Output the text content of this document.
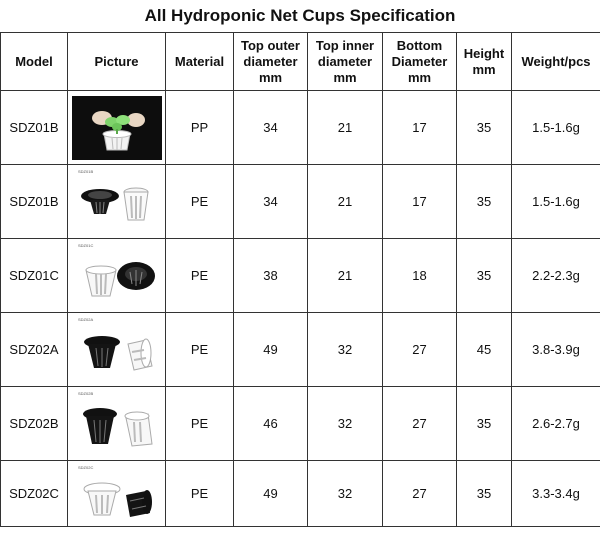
All Hydroponic Net Cups Specification
Model	Picture	Material	Top outer diameter mm	Top inner diameter mm	Bottom Diameter mm	Height mm	Weight/pcs
SDZ01B		PP	34	21	17	35	1.5-1.6g
SDZ01B	SDZ01B	PE	34	21	17	35	1.5-1.6g
SDZ01C	SDZ01C	PE	38	21	18	35	2.2-2.3g
SDZ02A	SDZ02A	PE	49	32	27	45	3.8-3.9g
SDZ02B	SDZ02B	PE	46	32	27	35	2.6-2.7g
SDZ02C	SDZ02C	PE	49	32	27	35	3.3-3.4g
